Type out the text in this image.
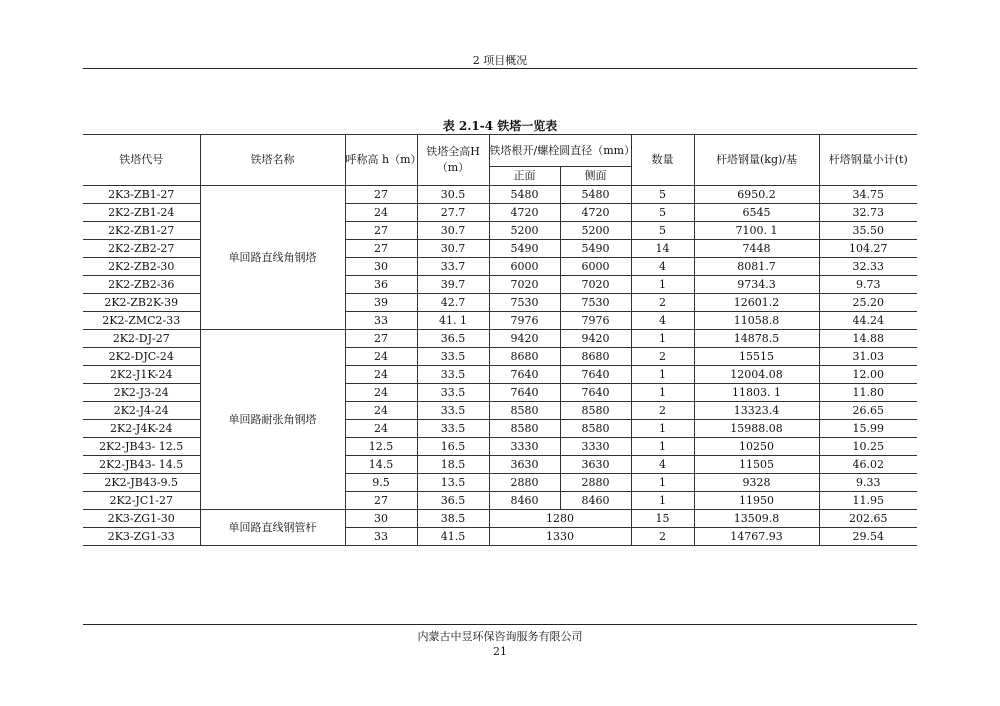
2 项目概况
表 2.1-4 铁塔一览表
铁塔代号	铁塔名称	呼称高 h（m）	铁塔全高H（m）	铁塔根开/螺栓圆直径（mm）		数量	杆塔钢量(kg)/基	杆塔钢量小计(t)
				正面	侧面			
2K3-ZB1-27	单回路直线角钢塔	27	30.5	5480	5480	5	6950.2	34.75
2K2-ZB1-24		24	27.7	4720	4720	5	6545	32.73
2K2-ZB1-27		27	30.7	5200	5200	5	7100. 1	35.50
2K2-ZB2-27		27	30.7	5490	5490	14	7448	104.27
2K2-ZB2-30		30	33.7	6000	6000	4	8081.7	32.33
2K2-ZB2-36		36	39.7	7020	7020	1	9734.3	9.73
2K2-ZB2K-39		39	42.7	7530	7530	2	12601.2	25.20
2K2-ZMC2-33		33	41. 1	7976	7976	4	11058.8	44.24
2K2-DJ-27	单回路耐张角钢塔	27	36.5	9420	9420	1	14878.5	14.88
2K2-DJC-24		24	33.5	8680	8680	2	15515	31.03
2K2-J1K-24		24	33.5	7640	7640	1	12004.08	12.00
2K2-J3-24		24	33.5	7640	7640	1	11803. 1	11.80
2K2-J4-24		24	33.5	8580	8580	2	13323.4	26.65
2K2-J4K-24		24	33.5	8580	8580	1	15988.08	15.99
2K2-JB43- 12.5		12.5	16.5	3330	3330	1	10250	10.25
2K2-JB43- 14.5		14.5	18.5	3630	3630	4	11505	46.02
2K2-JB43-9.5		9.5	13.5	2880	2880	1	9328	9.33
2K2-JC1-27		27	36.5	8460	8460	1	11950	11.95
2K3-ZG1-30	单回路直线钢管杆	30	38.5	1280		15	13509.8	202.65
2K3-ZG1-33		33	41.5	1330		2	14767.93	29.54
内蒙古中昱环保咨询服务有限公司
21
